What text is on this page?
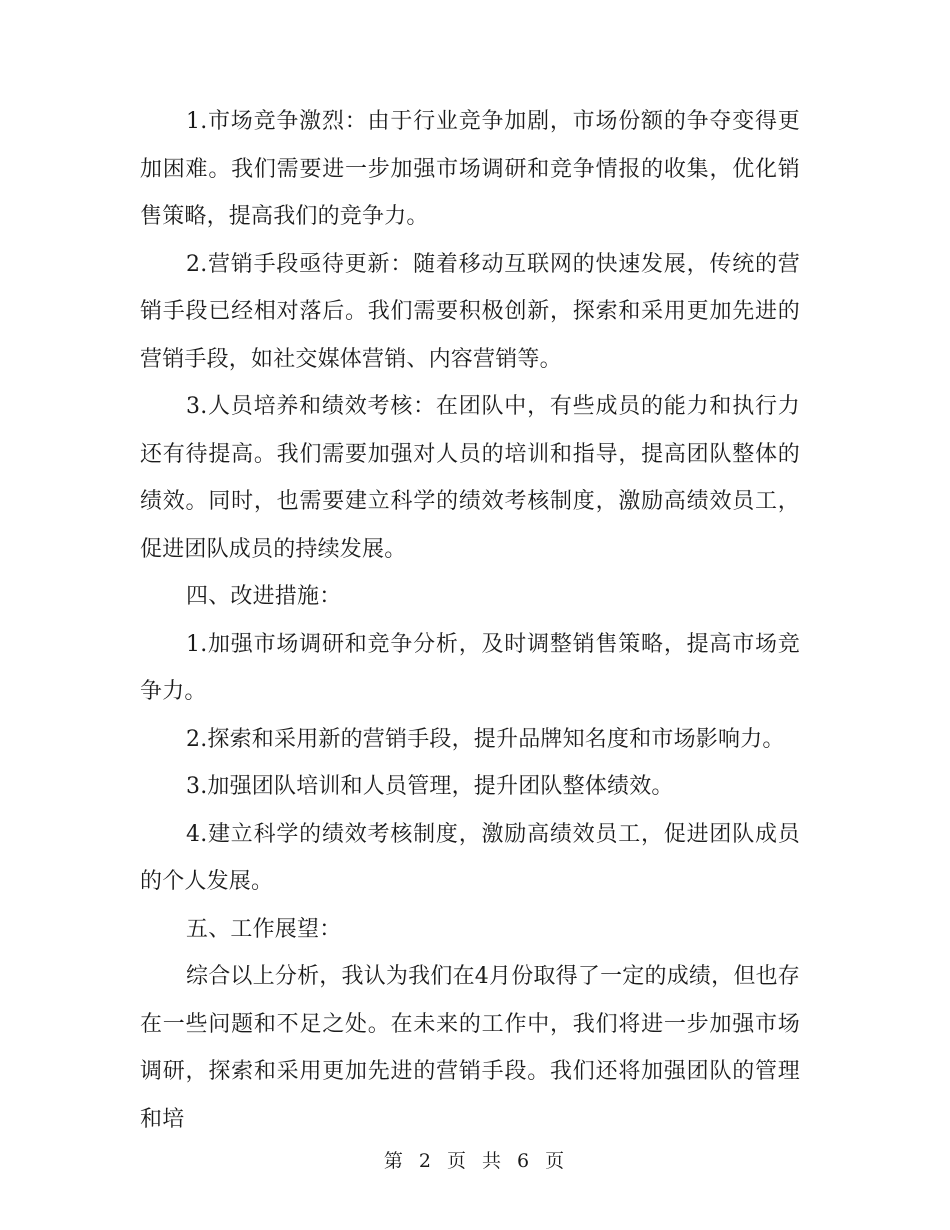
1.市场竞争激烈：由于行业竞争加剧，市场份额的争夺变得更加困难。我们需要进一步加强市场调研和竞争情报的收集，优化销售策略，提高我们的竞争力。

2.营销手段亟待更新：随着移动互联网的快速发展，传统的营销手段已经相对落后。我们需要积极创新，探索和采用更加先进的营销手段，如社交媒体营销、内容营销等。

3.人员培养和绩效考核：在团队中，有些成员的能力和执行力还有待提高。我们需要加强对人员的培训和指导，提高团队整体的绩效。同时，也需要建立科学的绩效考核制度，激励高绩效员工，促进团队成员的持续发展。

四、改进措施：

1.加强市场调研和竞争分析，及时调整销售策略，提高市场竞争力。

2.探索和采用新的营销手段，提升品牌知名度和市场影响力。

3.加强团队培训和人员管理，提升团队整体绩效。

4.建立科学的绩效考核制度，激励高绩效员工，促进团队成员的个人发展。

五、工作展望：

综合以上分析，我认为我们在4月份取得了一定的成绩，但也存在一些问题和不足之处。在未来的工作中，我们将进一步加强市场调研，探索和采用更加先进的营销手段。我们还将加强团队的管理和培

第 2 页 共 6 页
